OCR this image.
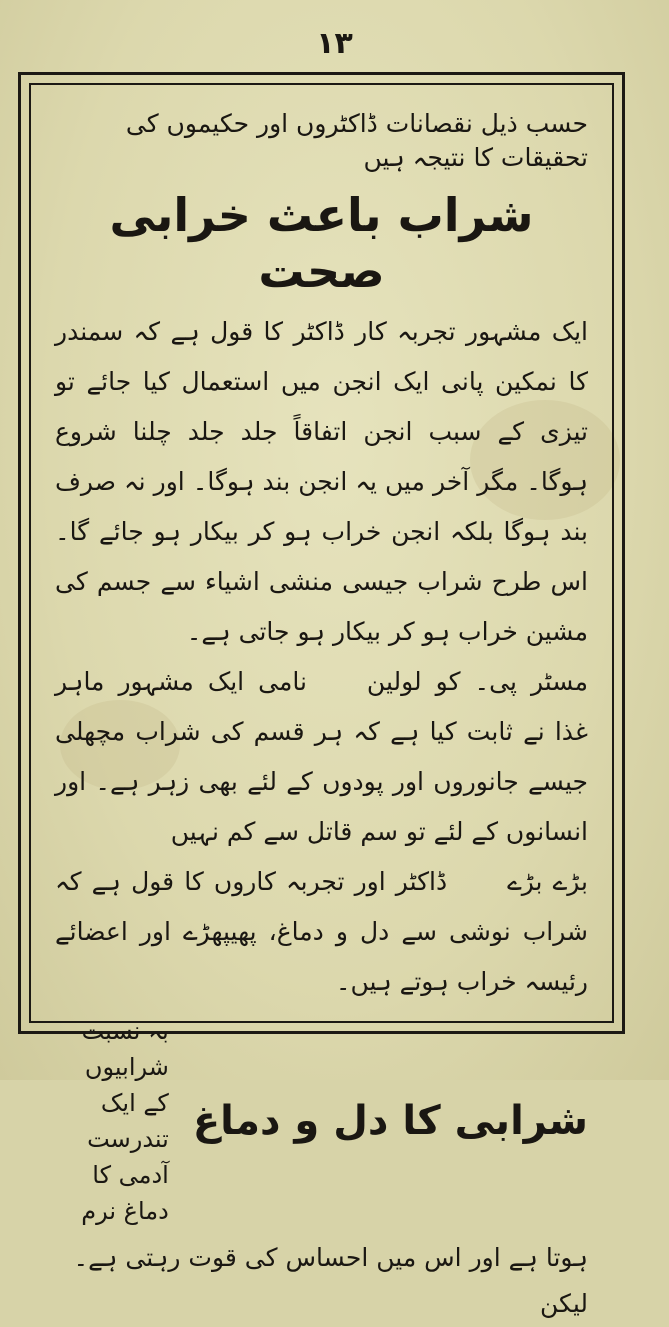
١٣

حسب ذیل نقصانات ڈاکٹروں اور حکیموں کی تحقیقات کا نتیجہ ہیں

شراب باعث خرابی صحت

ایک مشہور تجربہ کار ڈاکٹر کا قول ہے کہ سمندر کا نمکین پانی ایک انجن میں استعمال کیا جائے تو تیزی کے سبب انجن اتفاقاً جلد جلد چلنا شروع ہوگا۔ مگر آخر میں یہ انجن بند ہوگا۔ اور نہ صرف بند ہوگا بلکہ انجن خراب ہو کر بیکار ہو جائے گا۔ اس طرح شراب جیسی منشی اشیاء سے جسم کی مشین خراب ہو کر بیکار ہو جاتی ہے۔

مسٹر پی۔ کو لولیننامی ایک مشہور ماہر غذا نے ثابت کیا ہے کہ ہر قسم کی شراب مچھلی جیسے جانوروں اور پودوں کے لئے بھی زہر ہے۔ اور انسانوں کے لئے تو سم قاتل سے کم نہیں

بڑے بڑےڈاکٹر اور تجربہ کاروں کا قول ہے کہ شراب نوشی سے دل و دماغ، پھیپھڑے اور اعضائے رئیسہ خراب ہوتے ہیں۔

شرابی کا دل و دماغ
بہ نسبت شرابیوں کے ایک تندرست آدمی کا دماغ نرم

ہوتا ہے اور اس میں احساس کی قوت رہتی ہے۔ لیکن
